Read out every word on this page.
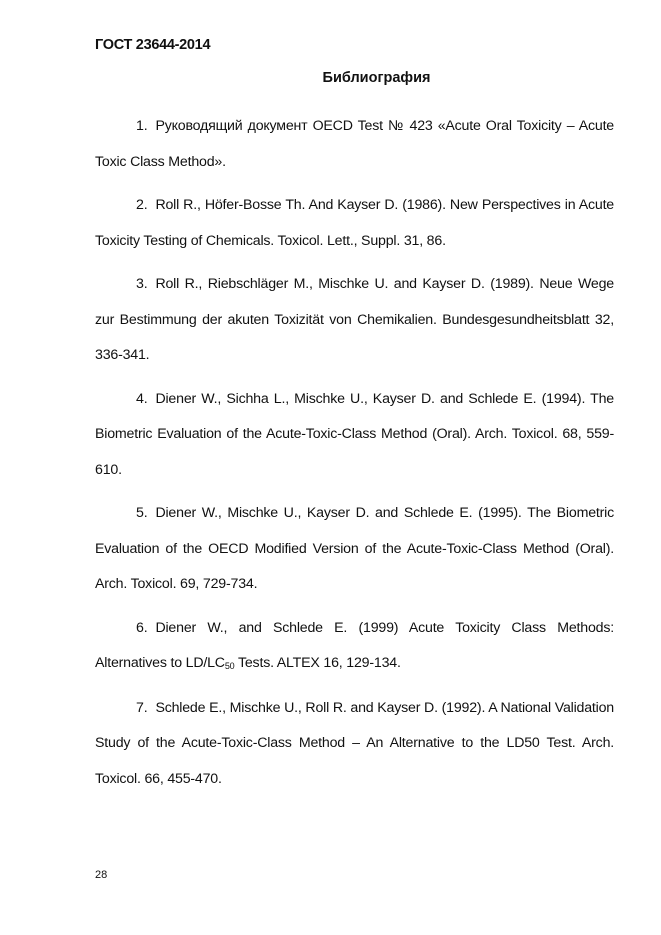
ГОСТ 23644-2014
Библиография
1. Руководящий документ OECD Test № 423 «Acute Oral Toxicity – Acute Toxic Class Method».
2. Roll R., Höfer-Bosse Th. And Kayser D. (1986). New Perspectives in Acute Toxicity Testing of Chemicals. Toxicol. Lett., Suppl. 31, 86.
3. Roll R., Riebschläger M., Mischke U. and Kayser D. (1989). Neue Wege zur Bestimmung der akuten Toxizität von Chemikalien. Bundesgesundheitsblatt 32, 336-341.
4. Diener W., Sichha L., Mischke U., Kayser D. and Schlede E. (1994). The Biometric Evaluation of the Acute-Toxic-Class Method (Oral). Arch. Toxicol. 68, 559-610.
5. Diener W., Mischke U., Kayser D. and Schlede E. (1995). The Biometric Evaluation of the OECD Modified Version of the Acute-Toxic-Class Method (Oral). Arch. Toxicol. 69, 729-734.
6. Diener W., and Schlede E. (1999) Acute Toxicity Class Methods: Alternatives to LD/LC50 Tests. ALTEX 16, 129-134.
7. Schlede E., Mischke U., Roll R. and Kayser D. (1992). A National Validation Study of the Acute-Toxic-Class Method – An Alternative to the LD50 Test. Arch. Toxicol. 66, 455-470.
28
